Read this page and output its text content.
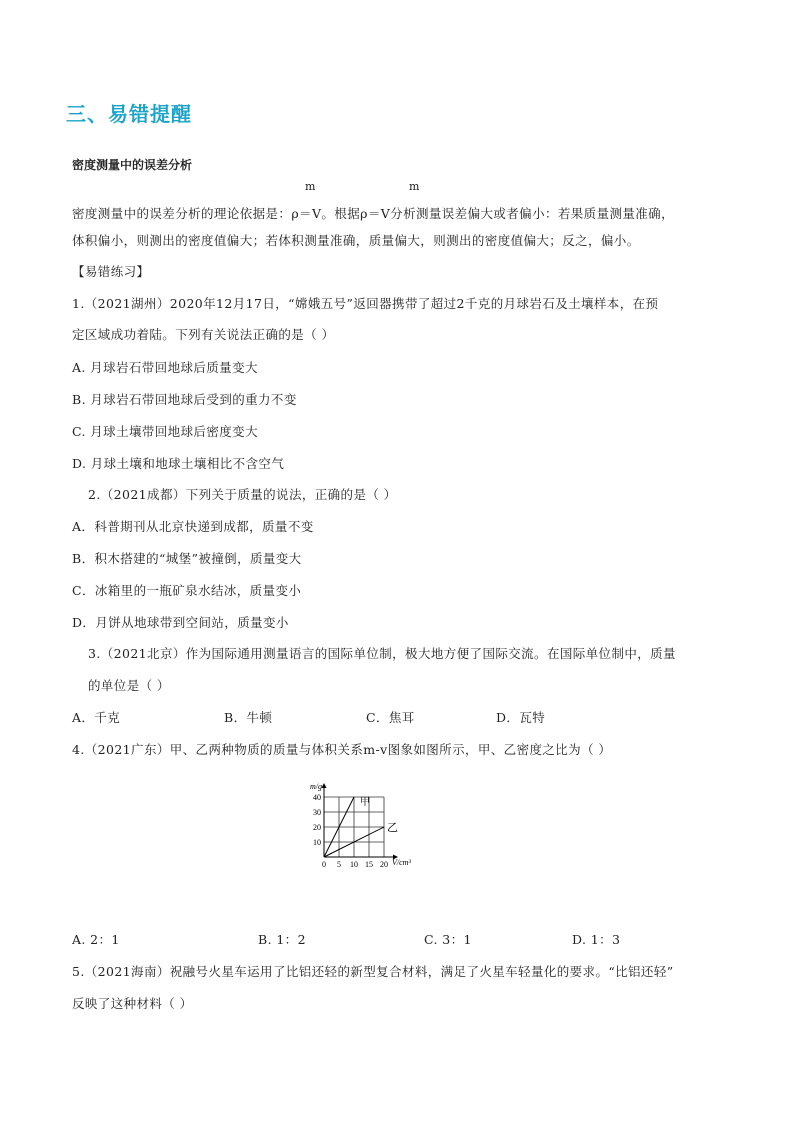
三、易错提醒
密度测量中的误差分析
m	m
密度测量中的误差分析的理论依据是：ρ＝V。根据ρ＝V分析测量误差偏大或者偏小：若果质量测量准确，
体积偏小，则测出的密度值偏大；若体积测量准确，质量偏大，则测出的密度值偏大；反之，偏小。
【易错练习】
1.（2021湖州）2020年12月17日，“嫦娥五号”返回器携带了超过2千克的月球岩石及土壤样本，在预
定区域成功着陆。下列有关说法正确的是（ ）
A. 月球岩石带回地球后质量变大
B. 月球岩石带回地球后受到的重力不变
C. 月球土壤带回地球后密度变大
D. 月球土壤和地球土壤相比不含空气
2.（2021成都）下列关于质量的说法，正确的是（ ）
A．科普期刊从北京快递到成都，质量不变
B．积木搭建的“城堡”被撞倒，质量变大
C．冰箱里的一瓶矿泉水结冰，质量变小
D．月饼从地球带到空间站，质量变小
3.（2021北京）作为国际通用测量语言的国际单位制，极大地方便了国际交流。在国际单位制中，质量
的单位是（ ）
A．千克	B．牛顿	C．焦耳	D．瓦特
4.（2021广东）甲、乙两种物质的质量与体积关系m-v图象如图所示，甲、乙密度之比为（ ）
甲
乙
0 5 10 15 20
10
20
30
40
m/g
V/cm³
A. 2：1	B. 1：2	C. 3：1	D. 1：3
5.（2021海南）祝融号火星车运用了比铝还轻的新型复合材料，满足了火星车轻量化的要求。“比铝还轻”
反映了这种材料（ ）
